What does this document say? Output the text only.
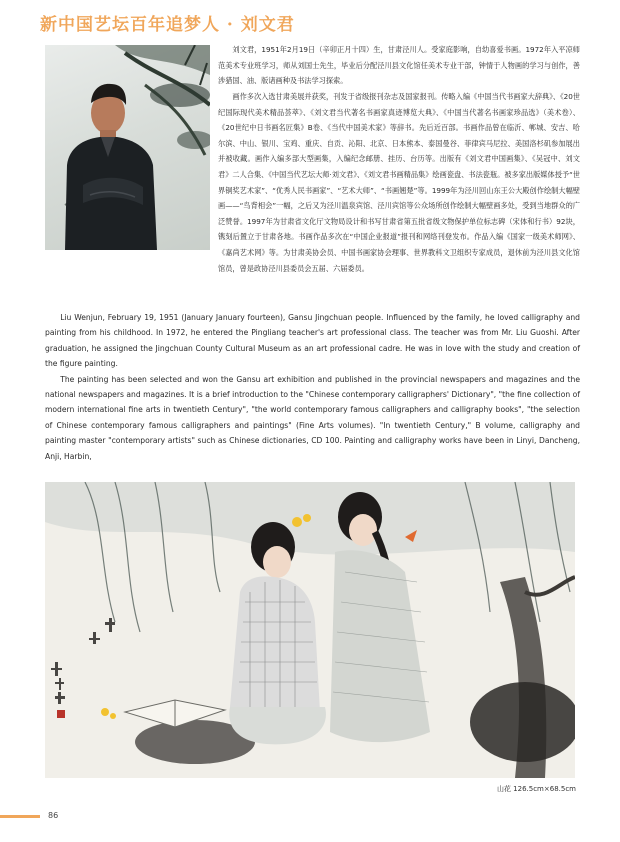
新中国艺坛百年追梦人 · 刘文君

刘文君，1951年2月19日（辛卯正月十四）生，甘肃泾川人。受家庭影响，自幼喜爱书画。1972年入平凉师范美术专业班学习，师从刘国士先生，毕业后分配泾川县文化馆任美术专业干部，钟情于人物画的学习与创作，善涉猎国、油、版诸画种及书法学习探索。

画作多次入选甘肃美展并获奖，刊发于省级报刊杂志及国家报刊。传略入编《中国当代书画家大辞典》、《20世纪国际现代美术精品荟萃》、《刘文君当代著名书画家真迹博览大典》、《中国当代著名书画家珍品选》（美术卷）、《20世纪中日书画名匠集》B卷、《当代中国美术家》等辞书。先后近百部。书画作品曾在临沂、郸城、安吉、哈尔滨、中山、银川、宝鸡、重庆、自贡、沁阳、北京、日本熊本、泰国曼谷、菲律宾马尼拉、美国洛杉矶参加展出并被收藏。画作入编多部大型画集，入编纪念邮册、挂历、台历等。出版有《刘文君中国画集》、《吴冠中、刘文君》二人合集、《中国当代艺坛大师·刘文君》、《刘文君书画精品集》绘画瓷盘、书法瓷瓶。被多家出版媒体授予“世界铜奖艺术家”、“优秀人民书画家”、“艺术大师”、“书画翘楚”等。1999年为泾川回山东王公大殿创作绘制大幅壁画——“鸟背相会”一幅，之后又为泾川温泉宾馆、泾川宾馆等公众场所创作绘制大幅壁画多处，受到当地群众的广泛赞誉。1997年为甘肃省文化厅文物局设计和书写甘肃省第五批省级文物保护单位标志碑（宋体和行书）92块，镌刻后置立于甘肃各地。书画作品多次在“中国企业报道”报刊和网络刊登发布。作品入编《国家一级美术师网》、《嘉尚艺术网》等。为甘肃美协会员、中国书画家协会理事、世界教科文卫组织专家成员，退休前为泾川县文化馆馆员，曾是政协泾川县委员会五届、六届委员。

Liu Wenjun, February 19, 1951 (January January fourteen), Gansu Jingchuan people. Influenced by the family, he loved calligraphy and painting from his childhood. In 1972, he entered the Pingliang teacher's art professional class. The teacher was from Mr. Liu Guoshi. After graduation, he assigned the Jingchuan County Cultural Museum as an art professional cadre. He was in love with the study and creation of the figure painting.

The painting has been selected and won the Gansu art exhibition and published in the provincial newspapers and magazines and the national newspapers and magazines. It is a brief introduction to the "Chinese contemporary calligraphers' Dictionary", "the fine collection of modern international fine arts in twentieth Century", "the world contemporary famous calligraphers and calligraphy books", "the selection of Chinese contemporary famous calligraphers and paintings" (Fine Arts volumes). "In twentieth Century," B volume, calligraphy and painting master "contemporary artists" such as Chinese dictionaries, CD 100. Painting and calligraphy works have been in Linyi, Dancheng, Anji, Harbin,

山花 126.5cm×68.5cm
86
